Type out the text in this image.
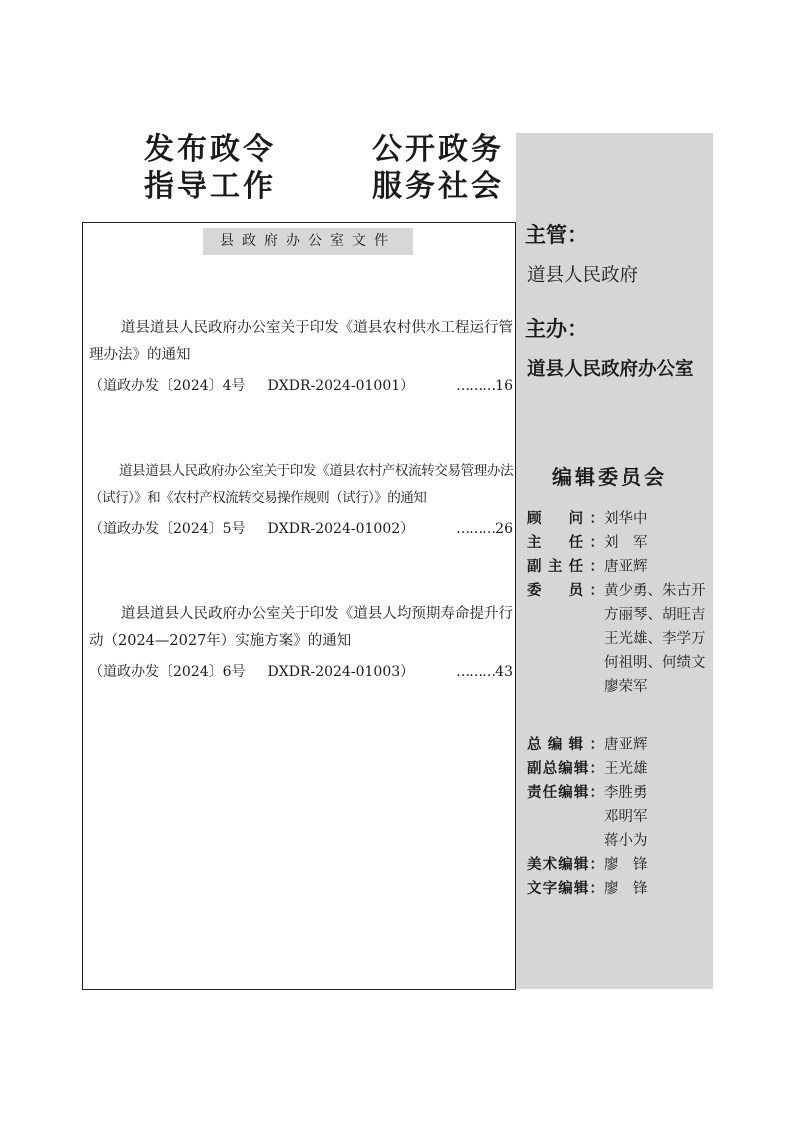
发布政令	公开政务
指导工作	服务社会
县政府办公室文件
道县道县人民政府办公室关于印发《道县农村供水工程运行管理办法》的通知
（道政办发〔2024〕4号 DXDR-2024-01001）	……… 16
道县道县人民政府办公室关于印发《道县农村产权流转交易管理办法（试行）》和《农村产权流转交易操作规则（试行）》的通知
（道政办发〔2024〕5号 DXDR-2024-01002）	……… 26
道县道县人民政府办公室关于印发《道县人均预期寿命提升行动（2024—2027年）实施方案》的通知
（道政办发〔2024〕6号 DXDR-2024-01003）	……… 43
主管：
道县人民政府
主办：
道县人民政府办公室
编辑委员会
顾　问： 刘华中
主　任： 刘　军
副主任： 唐亚辉
委　员： 黄少勇、朱古开
方丽琴、胡旺吉
王光雄、李学万
何祖明、何绩文
廖荣军
总编辑： 唐亚辉
副总编辑： 王光雄
责任编辑： 李胜勇
邓明军
蒋小为
美术编辑： 廖　锋
文字编辑： 廖　锋
